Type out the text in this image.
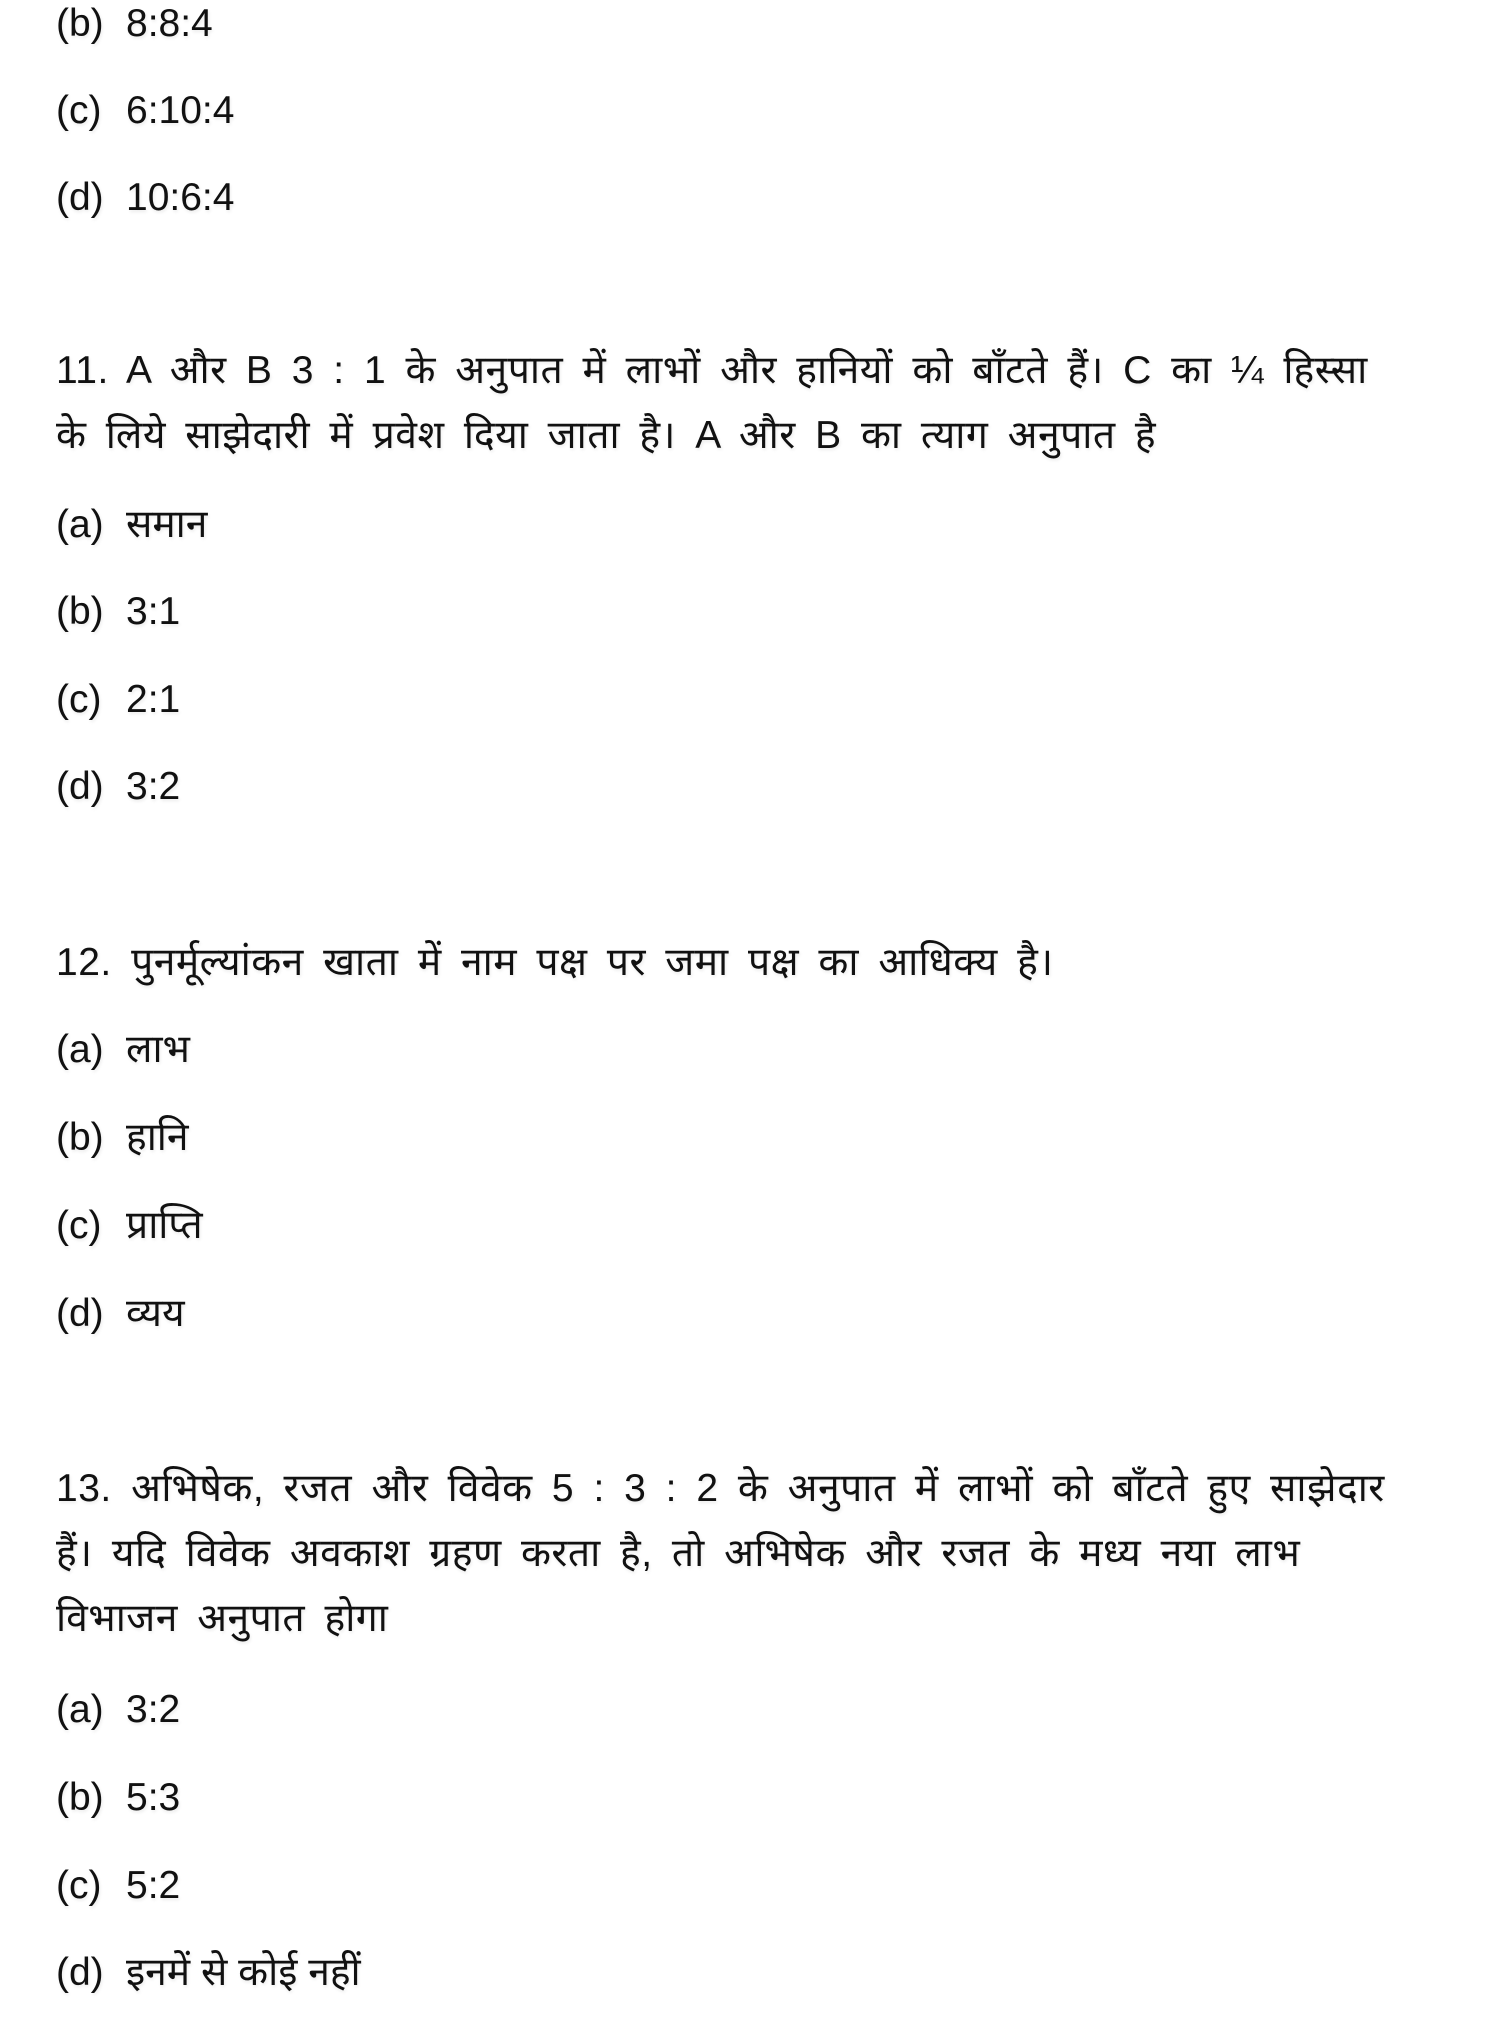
(b) 8:8:4
(c) 6:10:4
(d) 10:6:4
11. A और B 3 : 1 के अनुपात में लाभों और हानियों को बाँटते हैं। C का ¼ हिस्सा
के लिये साझेदारी में प्रवेश दिया जाता है। A और B का त्याग अनुपात है
(a) समान
(b) 3:1
(c) 2:1
(d) 3:2
12. पुनर्मूल्यांकन खाता में नाम पक्ष पर जमा पक्ष का आधिक्य है।
(a) लाभ
(b) हानि
(c) प्राप्ति
(d) व्यय
13. अभिषेक, रजत और विवेक 5 : 3 : 2 के अनुपात में लाभों को बाँटते हुए साझेदार
हैं। यदि विवेक अवकाश ग्रहण करता है, तो अभिषेक और रजत के मध्य नया लाभ
विभाजन अनुपात होगा
(a) 3:2
(b) 5:3
(c) 5:2
(d) इनमें से कोई नहीं
